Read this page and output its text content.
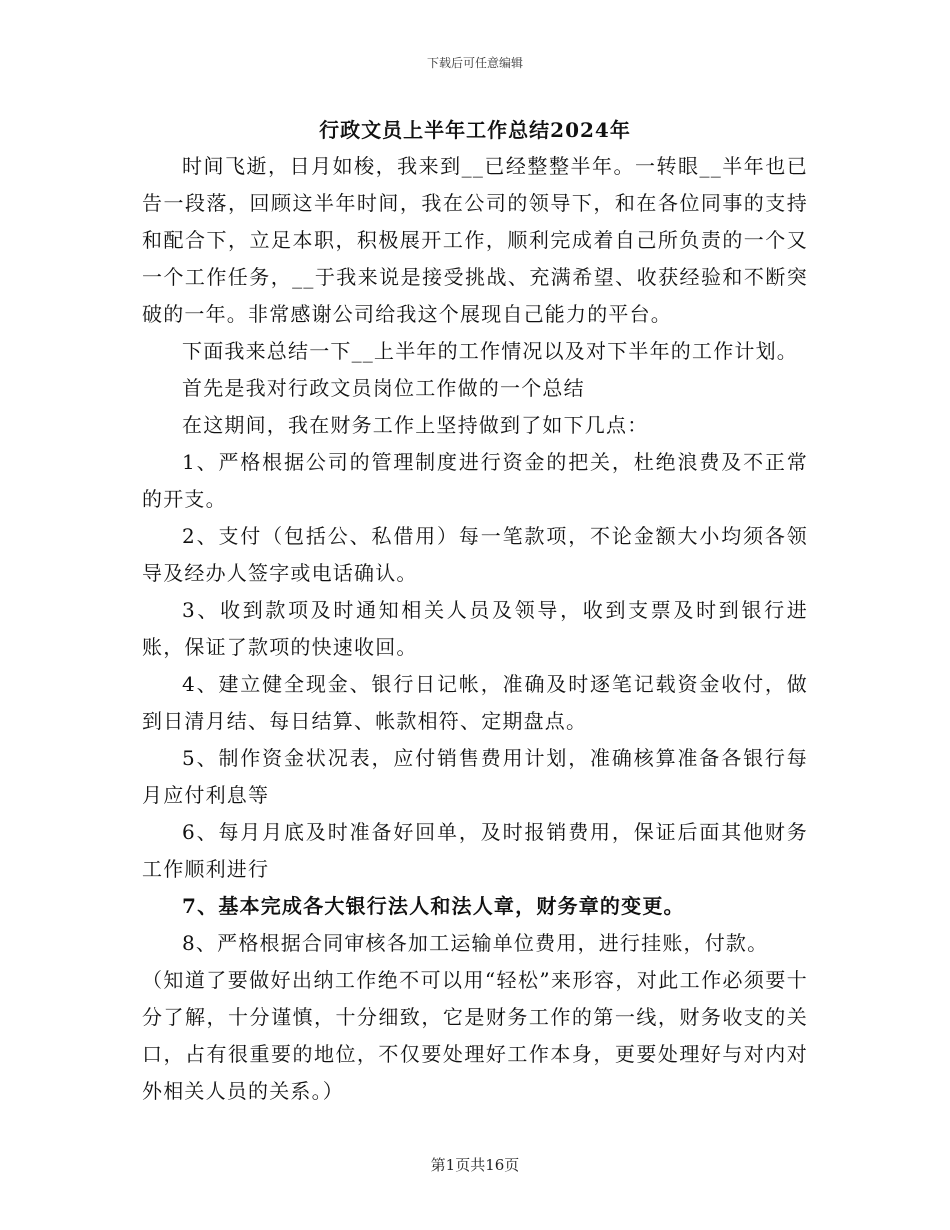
下载后可任意编辑
行政文员上半年工作总结2024年

时间飞逝，日月如梭，我来到__已经整整半年。一转眼__半年也已告一段落，回顾这半年时间，我在公司的领导下，和在各位同事的支持和配合下，立足本职，积极展开工作，顺利完成着自己所负责的一个又一个工作任务，__于我来说是接受挑战、充满希望、收获经验和不断突破的一年。非常感谢公司给我这个展现自己能力的平台。

下面我来总结一下__上半年的工作情况以及对下半年的工作计划。

首先是我对行政文员岗位工作做的一个总结

在这期间，我在财务工作上坚持做到了如下几点：

1、严格根据公司的管理制度进行资金的把关，杜绝浪费及不正常的开支。

2、支付（包括公、私借用）每一笔款项，不论金额大小均须各领导及经办人签字或电话确认。

3、收到款项及时通知相关人员及领导，收到支票及时到银行进账，保证了款项的快速收回。

4、建立健全现金、银行日记帐，准确及时逐笔记载资金收付，做到日清月结、每日结算、帐款相符、定期盘点。

5、制作资金状况表，应付销售费用计划，准确核算准备各银行每月应付利息等

6、每月月底及时准备好回单，及时报销费用，保证后面其他财务工作顺利进行

7、基本完成各大银行法人和法人章，财务章的变更。

8、严格根据合同审核各加工运输单位费用，进行挂账，付款。

（知道了要做好出纳工作绝不可以用“轻松”来形容，对此工作必须要十分了解，十分谨慎，十分细致，它是财务工作的第一线，财务收支的关口，占有很重要的地位，不仅要处理好工作本身，更要处理好与对内对外相关人员的关系。）

第1页共16页
